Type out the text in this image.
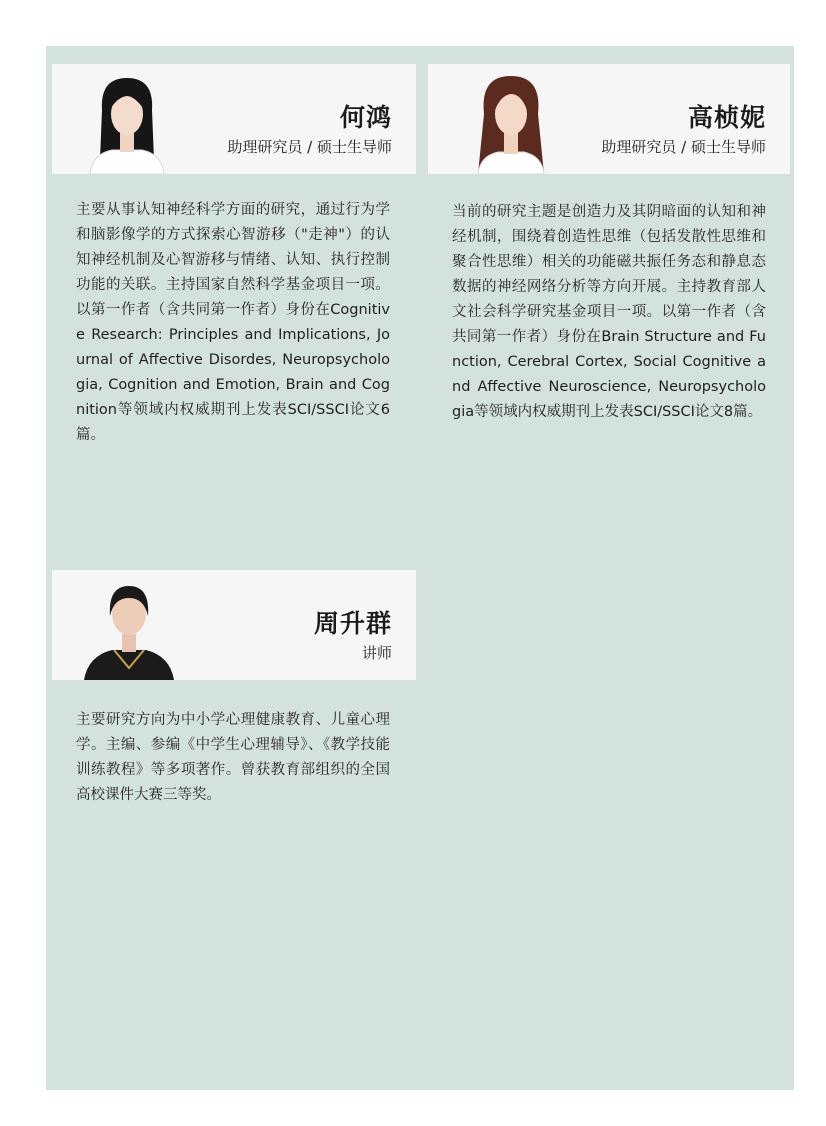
何鸿
助理研究员 / 硕士生导师
主要从事认知神经科学方面的研究，通过行为学和脑影像学的方式探索心智游移（"走神"）的认知神经机制及心智游移与情绪、认知、执行控制功能的关联。主持国家自然科学基金项目一项。以第一作者（含共同第一作者）身份在Cognitive Research: Principles and Implications, Journal of Affective Disordes, Neuropsychologia, Cognition and Emotion, Brain and Cognition等领域内权威期刊上发表SCI/SSCI论文6篇。
高桢妮
助理研究员 / 硕士生导师
当前的研究主题是创造力及其阴暗面的认知和神经机制，围绕着创造性思维（包括发散性思维和聚合性思维）相关的功能磁共振任务态和静息态数据的神经网络分析等方向开展。主持教育部人文社会科学研究基金项目一项。以第一作者（含共同第一作者）身份在Brain Structure and Function, Cerebral Cortex, Social Cognitive and Affective Neuroscience, Neuropsychologia等领域内权威期刊上发表SCI/SSCI论文8篇。
周升群
讲师
主要研究方向为中小学心理健康教育、儿童心理学。主编、参编《中学生心理辅导》、《教学技能训练教程》等多项著作。曾获教育部组织的全国高校课件大赛三等奖。
